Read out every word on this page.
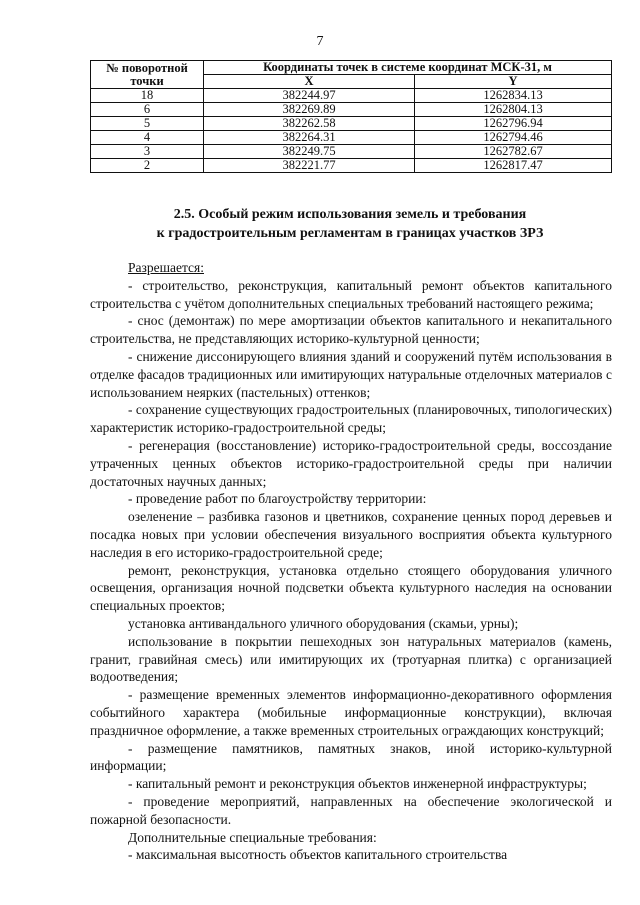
7
№ поворотной точки	Координаты точек в системе координат МСК-31, м	
	X	Y
18	382244.97	1262834.13
6	382269.89	1262804.13
5	382262.58	1262796.94
4	382264.31	1262794.46
3	382249.75	1262782.67
2	382221.77	1262817.47
2.5. Особый режим использования земель и требования
к градостроительным регламентам в границах участков ЗРЗ

Разрешается:

- строительство, реконструкция, капитальный ремонт объектов капитального строительства с учётом дополнительных специальных требований настоящего режима;

- снос (демонтаж) по мере амортизации объектов капитального и некапитального строительства, не представляющих историко-культурной ценности;

- снижение диссонирующего влияния зданий и сооружений путём использования в отделке фасадов традиционных или имитирующих натуральные отделочных материалов с использованием неярких (пастельных) оттенков;

- сохранение существующих градостроительных (планировочных, типологических) характеристик историко-градостроительной среды;

- регенерация (восстановление) историко-градостроительной среды, воссоздание утраченных ценных объектов историко-градостроительной среды при наличии достаточных научных данных;

- проведение работ по благоустройству территории:

озеленение – разбивка газонов и цветников, сохранение ценных пород деревьев и посадка новых при условии обеспечения визуального восприятия объекта культурного наследия в его историко-градостроительной среде;

ремонт, реконструкция, установка отдельно стоящего оборудования уличного освещения, организация ночной подсветки объекта культурного наследия на основании специальных проектов;

установка антивандального уличного оборудования (скамьи, урны);

использование в покрытии пешеходных зон натуральных материалов (камень, гранит, гравийная смесь) или имитирующих их (тротуарная плитка) с организацией водоотведения;

- размещение временных элементов информационно-декоративного оформления событийного характера (мобильные информационные конструкции), включая праздничное оформление, а также временных строительных ограждающих конструкций;

- размещение памятников, памятных знаков, иной историко-культурной информации;

- капитальный ремонт и реконструкция объектов инженерной инфраструктуры;

- проведение мероприятий, направленных на обеспечение экологической и пожарной безопасности.

Дополнительные специальные требования:

- максимальная высотность объектов капитального строительства
